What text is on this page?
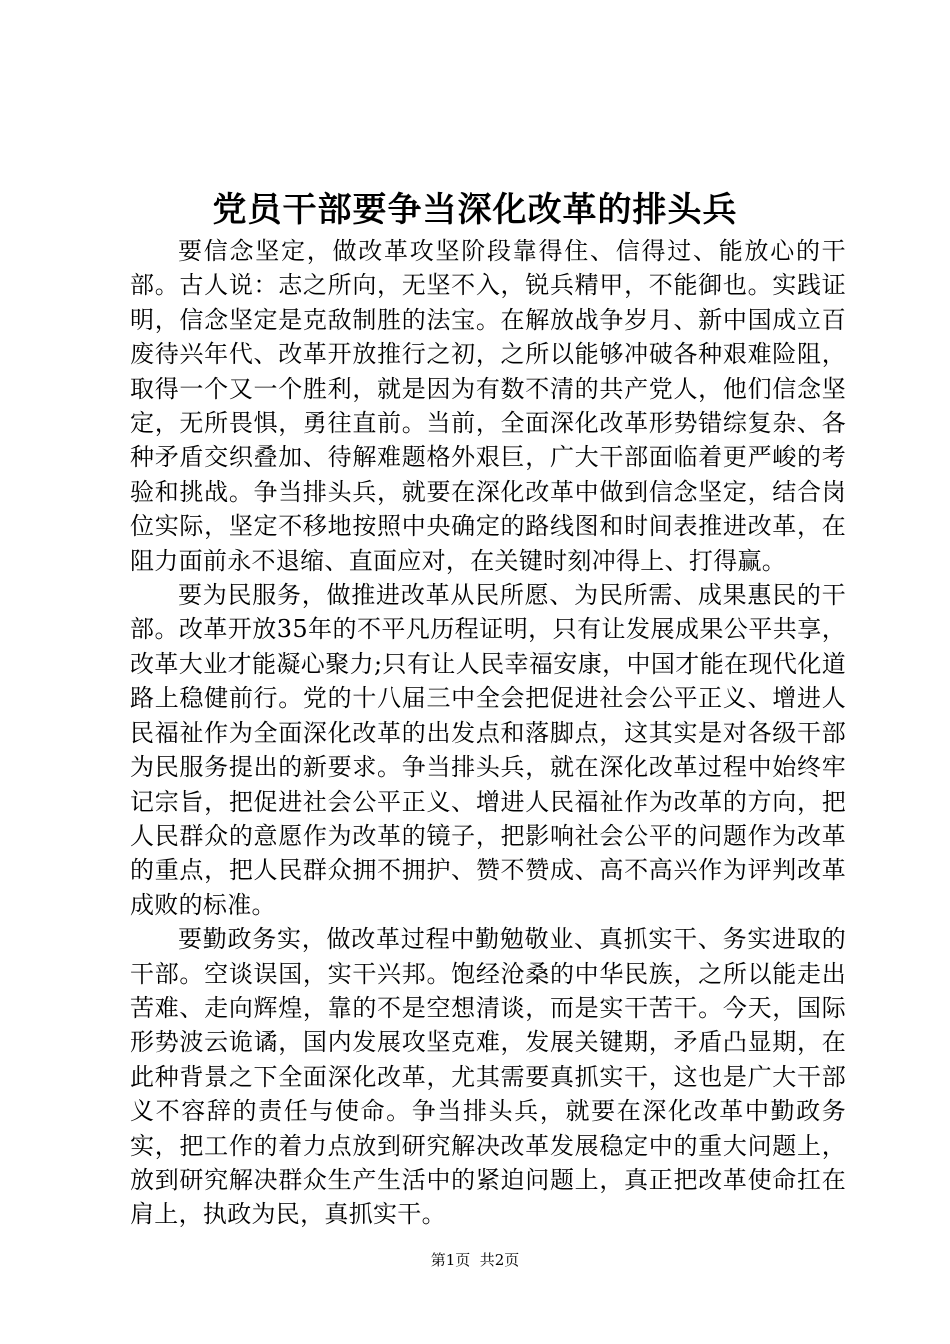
党员干部要争当深化改革的排头兵

要信念坚定，做改革攻坚阶段靠得住、信得过、能放心的干部。古人说：志之所向，无坚不入，锐兵精甲，不能御也。实践证明，信念坚定是克敌制胜的法宝。在解放战争岁月、新中国成立百废待兴年代、改革开放推行之初，之所以能够冲破各种艰难险阻，取得一个又一个胜利，就是因为有数不清的共产党人，他们信念坚定，无所畏惧，勇往直前。当前，全面深化改革形势错综复杂、各种矛盾交织叠加、待解难题格外艰巨，广大干部面临着更严峻的考验和挑战。争当排头兵，就要在深化改革中做到信念坚定，结合岗位实际，坚定不移地按照中央确定的路线图和时间表推进改革，在阻力面前永不退缩、直面应对，在关键时刻冲得上、打得赢。

要为民服务，做推进改革从民所愿、为民所需、成果惠民的干部。改革开放35年的不平凡历程证明，只有让发展成果公平共享，改革大业才能凝心聚力;只有让人民幸福安康，中国才能在现代化道路上稳健前行。党的十八届三中全会把促进社会公平正义、增进人民福祉作为全面深化改革的出发点和落脚点，这其实是对各级干部为民服务提出的新要求。争当排头兵，就在深化改革过程中始终牢记宗旨，把促进社会公平正义、增进人民福祉作为改革的方向，把人民群众的意愿作为改革的镜子，把影响社会公平的问题作为改革的重点，把人民群众拥不拥护、赞不赞成、高不高兴作为评判改革成败的标准。

要勤政务实，做改革过程中勤勉敬业、真抓实干、务实进取的干部。空谈误国，实干兴邦。饱经沧桑的中华民族，之所以能走出苦难、走向辉煌，靠的不是空想清谈，而是实干苦干。今天，国际形势波云诡谲，国内发展攻坚克难，发展关键期，矛盾凸显期，在此种背景之下全面深化改革，尤其需要真抓实干，这也是广大干部义不容辞的责任与使命。争当排头兵，就要在深化改革中勤政务实，把工作的着力点放到研究解决改革发展稳定中的重大问题上，放到研究解决群众生产生活中的紧迫问题上，真正把改革使命扛在肩上，执政为民，真抓实干。

第1页  共2页
